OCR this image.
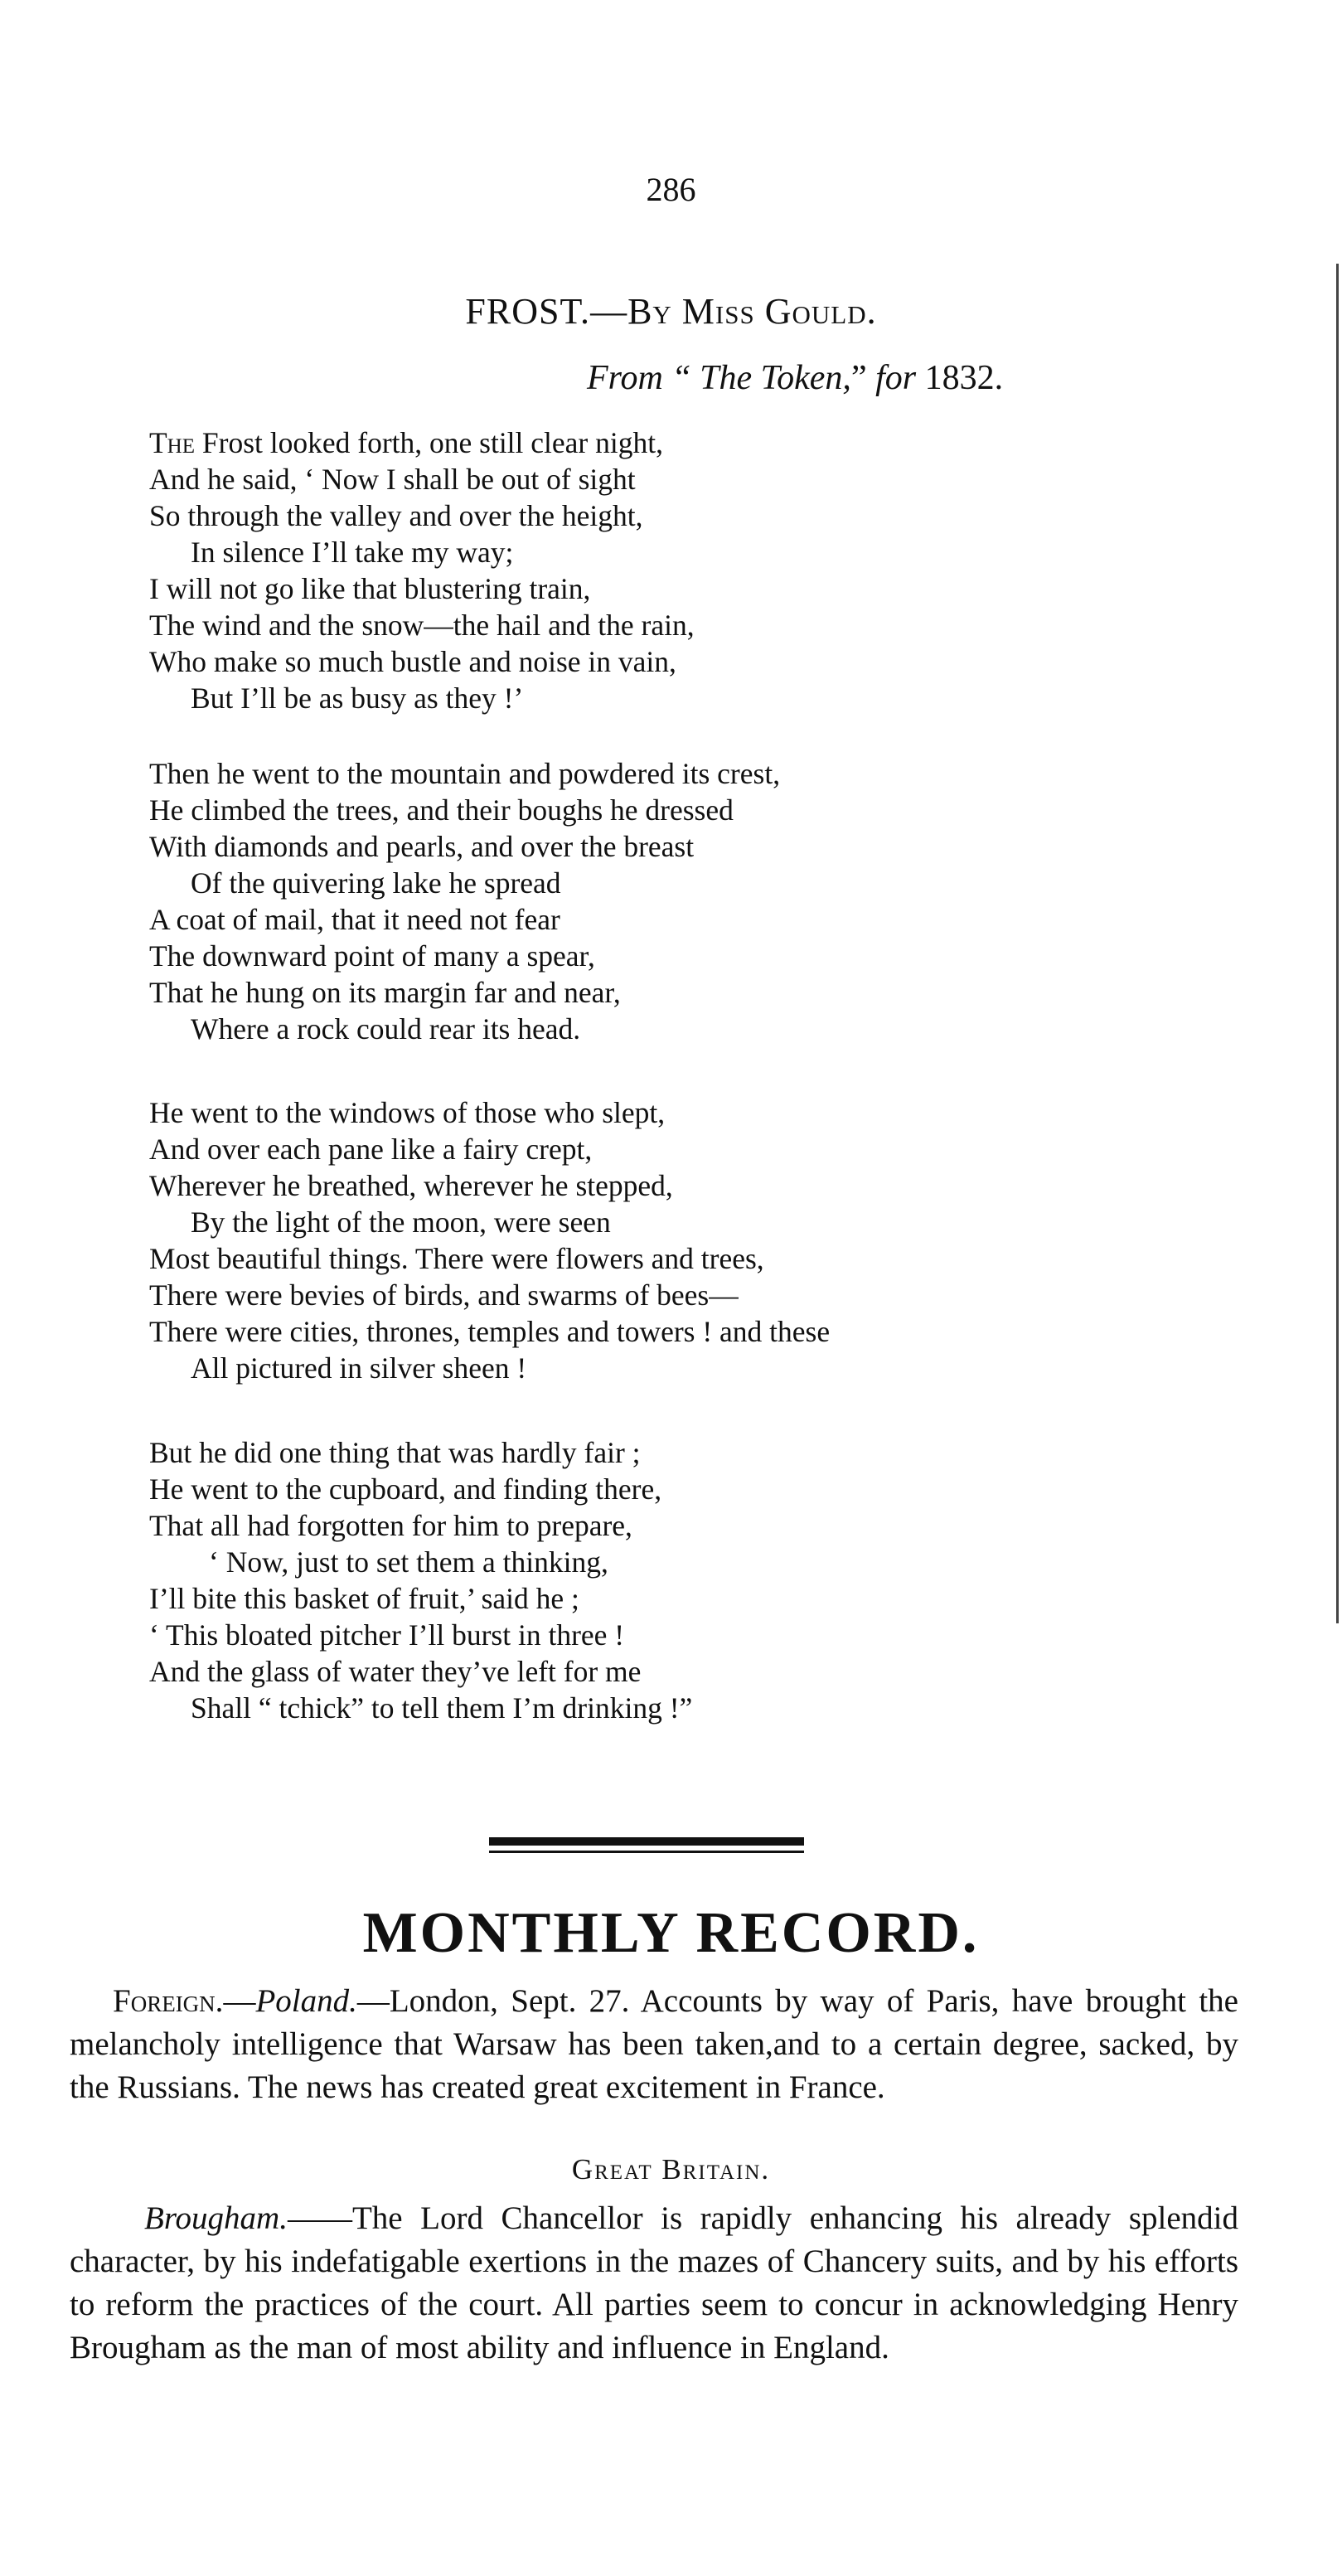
286
FROST.—By Miss Gould.
From “ The Token,” for 1832.
The Frost looked forth, one still clear night,
And he said, ‘ Now I shall be out of sight
So through the valley and over the height,
In silence I’ll take my way;
I will not go like that blustering train,
The wind and the snow—the hail and the rain,
Who make so much bustle and noise in vain,
But I’ll be as busy as they !’
Then he went to the mountain and powdered its crest,
He climbed the trees, and their boughs he dressed
With diamonds and pearls, and over the breast
Of the quivering lake he spread
A coat of mail, that it need not fear
The downward point of many a spear,
That he hung on its margin far and near,
Where a rock could rear its head.
He went to the windows of those who slept,
And over each pane like a fairy crept,
Wherever he breathed, wherever he stepped,
By the light of the moon, were seen
Most beautiful things. There were flowers and trees,
There were bevies of birds, and swarms of bees—
There were cities, thrones, temples and towers ! and these
All pictured in silver sheen !
But he did one thing that was hardly fair ;
He went to the cupboard, and finding there,
That all had forgotten for him to prepare,
‘ Now, just to set them a thinking,
I’ll bite this basket of fruit,’ said he ;
‘ This bloated pitcher I’ll burst in three !
And the glass of water they’ve left for me
Shall “ tchick” to tell them I’m drinking !”
MONTHLY RECORD.
Foreign.—Poland.—London, Sept. 27. Accounts by way of Paris, have brought the melancholy intelligence that Warsaw has been taken,and to a certain degree, sacked, by the Russians. The news has created great excitement in France.
Great Britain.
Brougham.——The Lord Chancellor is rapidly enhancing his already splendid character, by his indefatigable exertions in the mazes of Chancery suits, and by his efforts to reform the practices of the court. All parties seem to concur in acknowledging Henry Brougham as the man of most ability and influence in England.
